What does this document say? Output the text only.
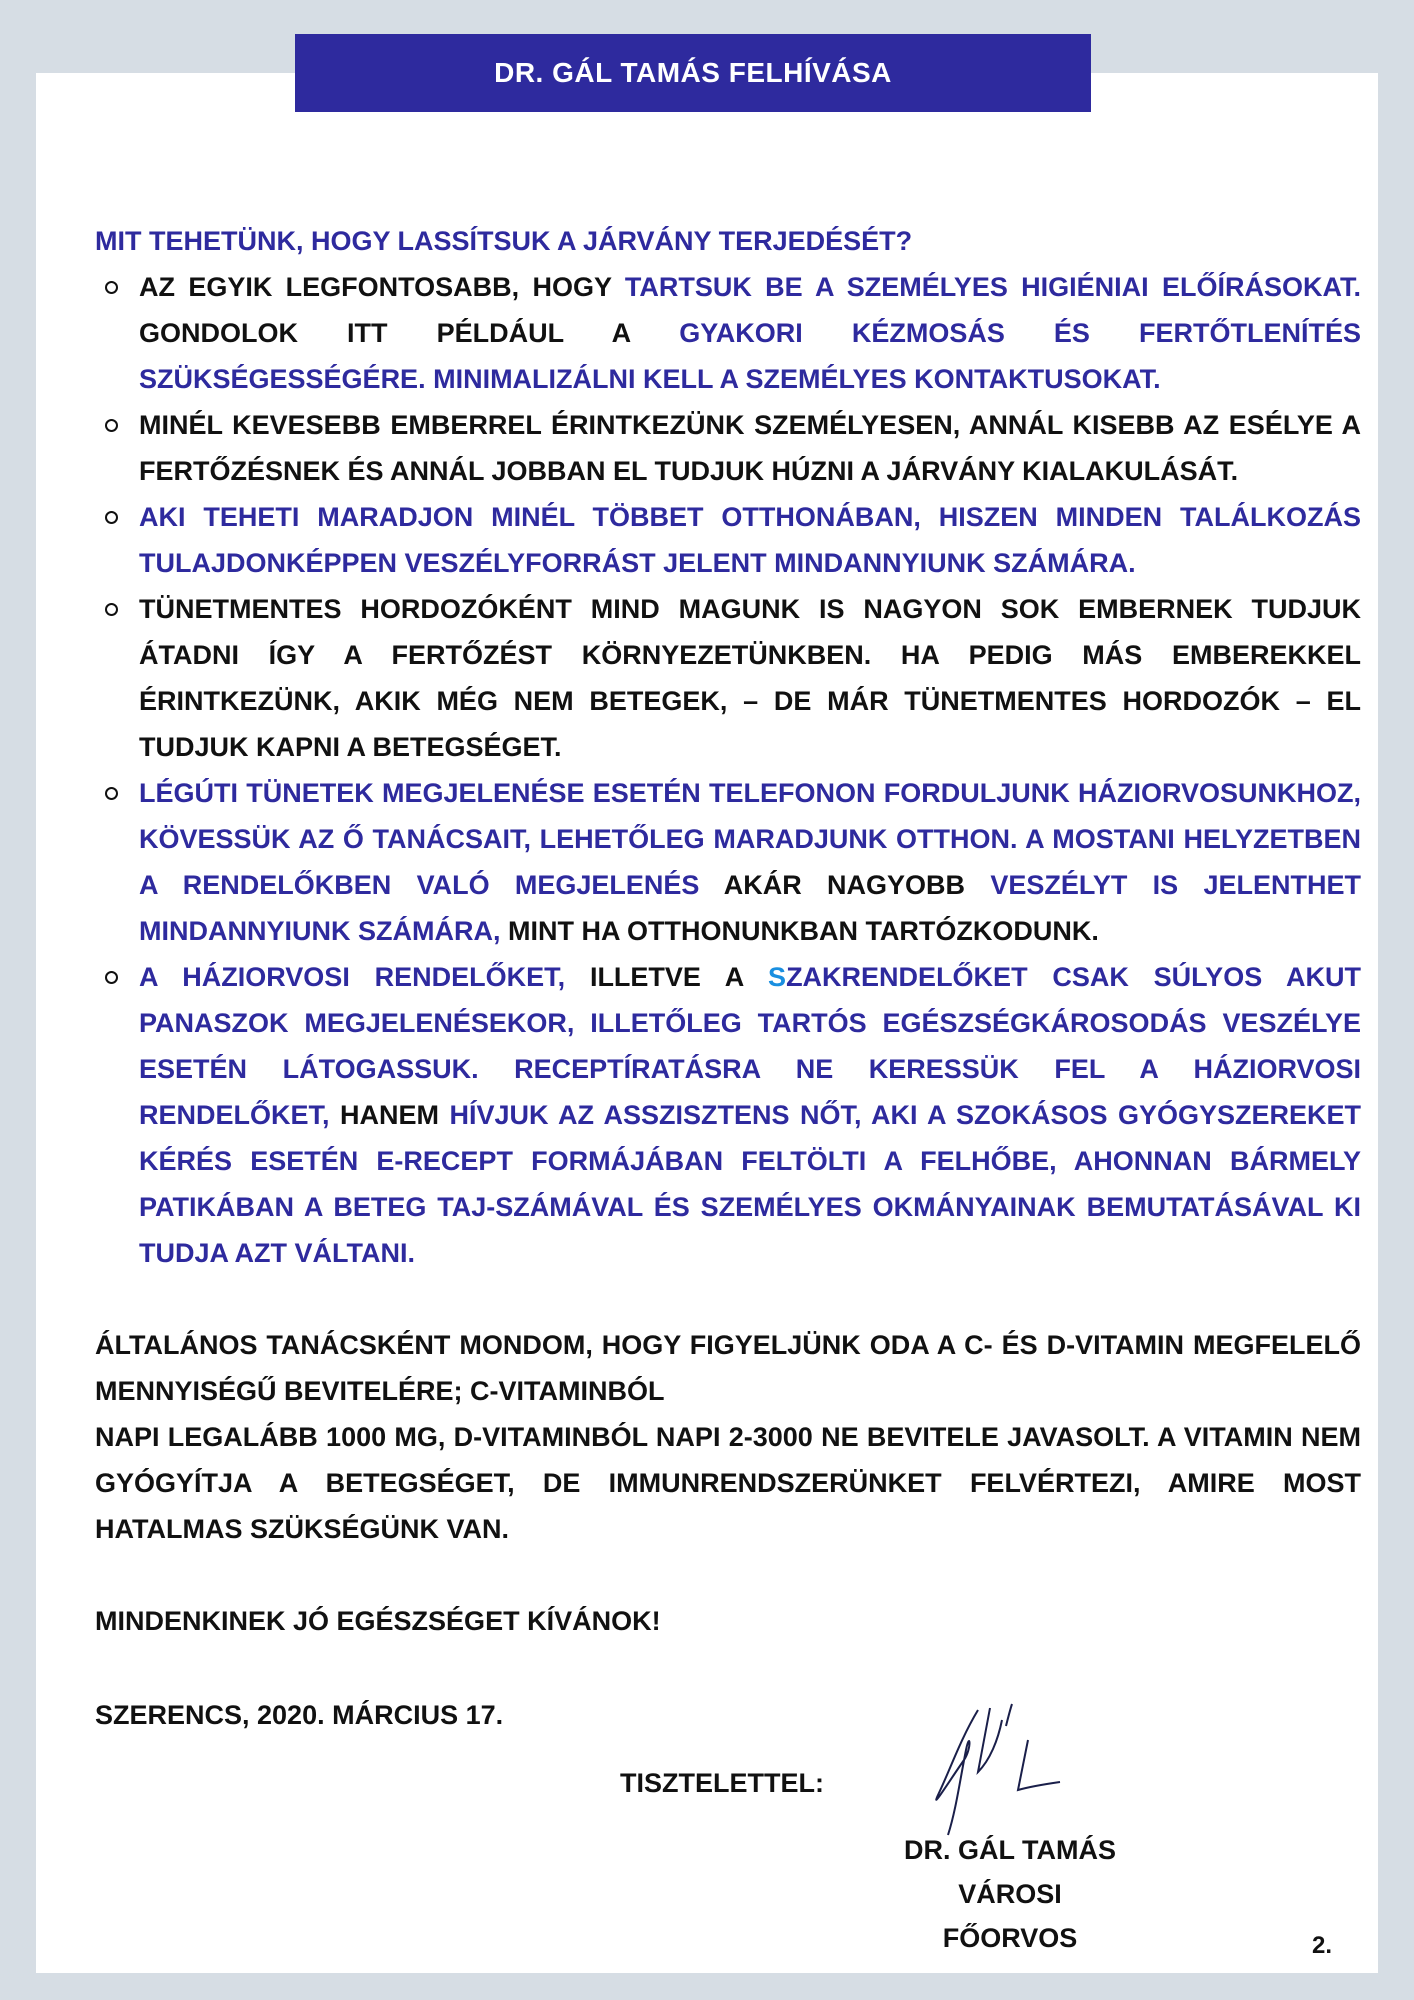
DR. GÁL TAMÁS FELHÍVÁSA

MIT TEHETÜNK, HOGY LASSÍTSUK A JÁRVÁNY TERJEDÉSÉT?

AZ EGYIK LEGFONTOSABB, HOGY TARTSUK BE A SZEMÉLYES HIGIÉNIAI ELŐÍRÁSOKAT. GONDOLOK ITT PÉLDÁUL A GYAKORI KÉZMOSÁS ÉS FERTŐTLENÍTÉS SZÜKSÉGESSÉGÉRE. MINIMALIZÁLNI KELL A SZEMÉLYES KONTAKTUSOKAT.
MINÉL KEVESEBB EMBERREL ÉRINTKEZÜNK SZEMÉLYESEN, ANNÁL KISEBB AZ ESÉLYE A FERTŐZÉSNEK ÉS ANNÁL JOBBAN EL TUDJUK HÚZNI A JÁRVÁNY KIALAKULÁSÁT.
AKI TEHETI MARADJON MINÉL TÖBBET OTTHONÁBAN, HISZEN MINDEN TALÁLKOZÁS TULAJDONKÉPPEN VESZÉLYFORRÁST JELENT MINDANNYIUNK SZÁMÁRA.
TÜNETMENTES HORDOZÓKÉNT MIND MAGUNK IS NAGYON SOK EMBERNEK TUDJUK ÁTADNI ÍGY A FERTŐZÉST KÖRNYEZETÜNKBEN. HA PEDIG MÁS EMBEREKKEL ÉRINTKEZÜNK, AKIK MÉG NEM BETEGEK, – DE MÁR TÜNETMENTES HORDOZÓK – EL TUDJUK KAPNI A BETEGSÉGET.
LÉGÚTI TÜNETEK MEGJELENÉSE ESETÉN TELEFONON FORDULJUNK HÁZIORVOSUNKHOZ, KÖVESSÜK AZ Ő TANÁCSAIT, LEHETŐLEG MARADJUNK OTTHON. A MOSTANI HELYZETBEN A RENDELŐKBEN VALÓ MEGJELENÉS AKÁR NAGYOBB VESZÉLYT IS JELENTHET MINDANNYIUNK SZÁMÁRA, MINT HA OTTHONUNKBAN TARTÓZKODUNK.
A HÁZIORVOSI RENDELŐKET, ILLETVE A SZAKRENDELŐKET CSAK SÚLYOS AKUT PANASZOK MEGJELENÉSEKOR, ILLETŐLEG TARTÓS EGÉSZSÉGKÁROSODÁS VESZÉLYE ESETÉN LÁTOGASSUK. RECEPTÍRATÁSRA NE KERESSÜK FEL A HÁZIORVOSI RENDELŐKET, HANEM HÍVJUK AZ ASSZISZTENS NŐT, AKI A SZOKÁSOS GYÓGYSZEREKET KÉRÉS ESETÉN E-RECEPT FORMÁJÁBAN FELTÖLTI A FELHŐBE, AHONNAN BÁRMELY PATIKÁBAN A BETEG TAJ-SZÁMÁVAL ÉS SZEMÉLYES OKMÁNYAINAK BEMUTATÁSÁVAL KI TUDJA AZT VÁLTANI.

ÁLTALÁNOS TANÁCSKÉNT MONDOM, HOGY FIGYELJÜNK ODA A C- ÉS D-VITAMIN MEGFELELŐ MENNYISÉGŰ BEVITELÉRE; C-VITAMINBÓL

NAPI LEGALÁBB 1000 MG, D-VITAMINBÓL NAPI 2-3000 NE BEVITELE JAVASOLT. A VITAMIN NEM GYÓGYÍTJA A BETEGSÉGET, DE IMMUNRENDSZERÜNKET FELVÉRTEZI, AMIRE MOST HATALMAS SZÜKSÉGÜNK VAN.

MINDENKINEK JÓ EGÉSZSÉGET KÍVÁNOK!
SZERENCS, 2020. MÁRCIUS 17.
TISZTELETTEL:
DR. GÁL TAMÁS
VÁROSI FŐORVOS	2.
